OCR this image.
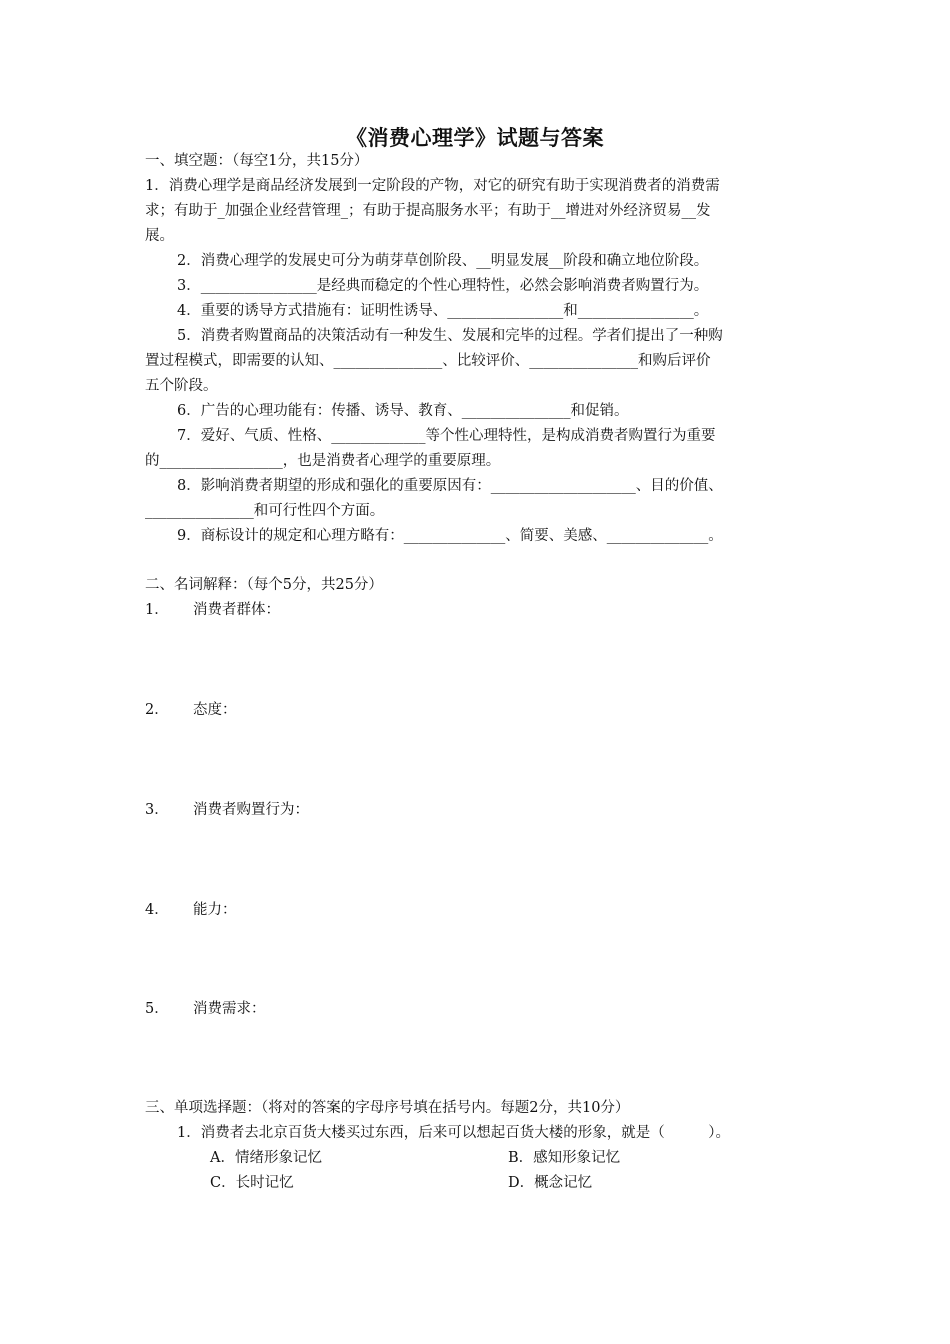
《消费心理学》试题与答案
一、填空题：（每空1分，共15分）
1．消费心理学是商品经济发展到一定阶段的产物，对它的研究有助于实现消费者的消费需
求；有助于_加强企业经营管理_；有助于提高服务水平；有助于__增进对外经济贸易__发
展。
2．消费心理学的发展史可分为萌芽草创阶段、__明显发展__阶段和确立地位阶段。
3．________________是经典而稳定的个性心理特性，必然会影响消费者购置行为。
4．重要的诱导方式措施有：证明性诱导、________________和________________。
5．消费者购置商品的决策活动有一种发生、发展和完毕的过程。学者们提出了一种购
置过程模式，即需要的认知、_______________、比较评价、_______________和购后评价
五个阶段。
6．广告的心理功能有：传播、诱导、教育、_______________和促销。
7．爱好、气质、性格、_____________等个性心理特性，是构成消费者购置行为重要
的_________________，也是消费者心理学的重要原理。
8．影响消费者期望的形成和强化的重要原因有：____________________、目的价值、
_______________和可行性四个方面。
9．商标设计的规定和心理方略有：______________、简要、美感、______________。
二、名词解释：（每个5分，共25分）
1． 消费者群体：
2． 态度：
3． 消费者购置行为：
4． 能力：
5． 消费需求：
三、单项选择题：（将对的答案的字母序号填在括号内。每题2分，共10分）
1．消费者去北京百货大楼买过东西，后来可以想起百货大楼的形象，就是（　　　）。
A．情绪形象记忆	B．感知形象记忆
C．长时记忆	D．概念记忆
